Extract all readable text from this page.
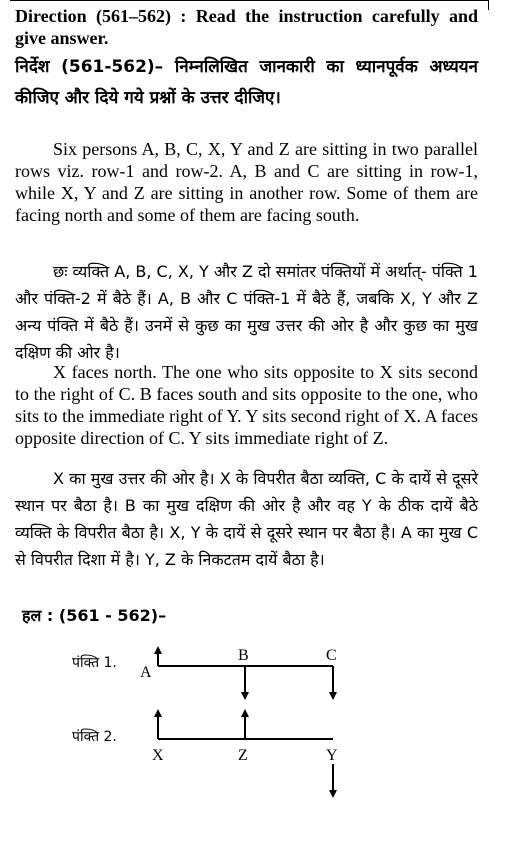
Direction (561–562) : Read the instruction carefully and give answer.

निर्देश (561-562)– निम्नलिखित जानकारी का ध्यानपूर्वक अध्ययन कीजिए और दिये गये प्रश्नों के उत्तर दीजिए।

Six persons A, B, C, X, Y and Z are sitting in two parallel rows viz. row-1 and row-2. A, B and C are sitting in row-1, while X, Y and Z are sitting in another row. Some of them are facing north and some of them are facing south.

छः व्यक्ति A, B, C, X, Y और Z दो समांतर पंक्तियों में अर्थात्- पंक्ति 1 और पंक्ति-2 में बैठे हैं। A, B और C पंक्ति-1 में बैठे हैं, जबकि X, Y और Z अन्य पंक्ति में बैठे हैं। उनमें से कुछ का मुख उत्तर की ओर है और कुछ का मुख दक्षिण की ओर है।

X faces north. The one who sits opposite to X sits second to the right of C. B faces south and sits opposite to the one, who sits to the immediate right of Y. Y sits second right of X. A faces opposite direction of C. Y sits immediate right of Z.

X का मुख उत्तर की ओर है। X के विपरीत बैठा व्यक्ति, C के दायें से दूसरे स्थान पर बैठा है। B का मुख दक्षिण की ओर है और वह Y के ठीक दायें बैठे व्यक्ति के विपरीत बैठा है। X, Y के दायें से दूसरे स्थान पर बैठा है। A का मुख C से विपरीत दिशा में है। Y, Z के निकटतम दायें बैठा है।

हल : (561 - 562)–

पंक्ति 1.
पंक्ति 2.
A
B	C
X	Z	Y
